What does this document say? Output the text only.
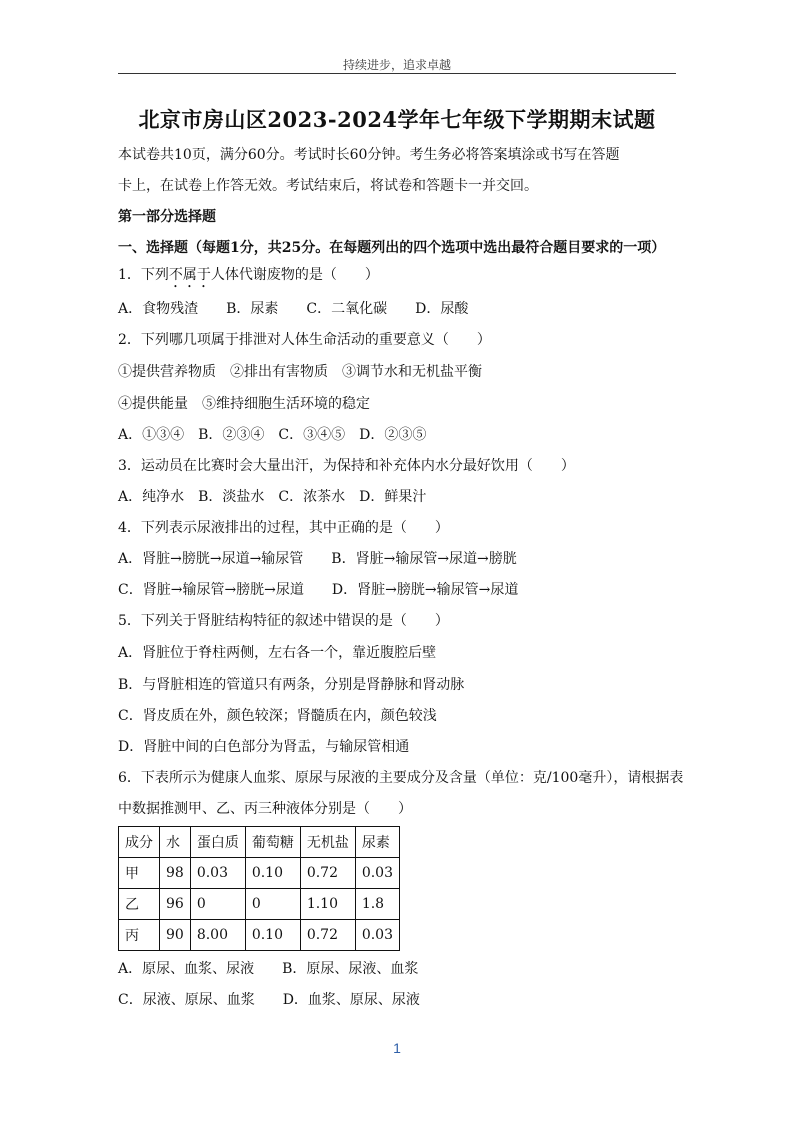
持续进步，追求卓越
北京市房山区2023-2024学年七年级下学期期末试题
本试卷共10页，满分60分。考试时长60分钟。考生务必将答案填涂或书写在答题
卡上，在试卷上作答无效。考试结束后，将试卷和答题卡一并交回。
第一部分选择题
一、选择题（每题1分，共25分。在每题列出的四个选项中选出最符合题目要求的一项）
1．下列不属于人体代谢废物的是（　　）
A．食物残渣　　B．尿素　　C．二氧化碳　　D．尿酸
2．下列哪几项属于排泄对人体生命活动的重要意义（　　）
①提供营养物质　②排出有害物质　③调节水和无机盐平衡
④提供能量　⑤维持细胞生活环境的稳定
A．①③④　B．②③④　C．③④⑤　D．②③⑤
3．运动员在比赛时会大量出汗，为保持和补充体内水分最好饮用（　　）
A．纯净水　B．淡盐水　C．浓茶水　D．鲜果汁
4．下列表示尿液排出的过程，其中正确的是（　　）
A．肾脏→膀胱→尿道→输尿管　　B．肾脏→输尿管→尿道→膀胱
C．肾脏→输尿管→膀胱→尿道　　D．肾脏→膀胱→输尿管→尿道
5．下列关于肾脏结构特征的叙述中错误的是（　　）
A．肾脏位于脊柱两侧，左右各一个，靠近腹腔后壁
B．与肾脏相连的管道只有两条，分别是肾静脉和肾动脉
C．肾皮质在外，颜色较深；肾髓质在内，颜色较浅
D．肾脏中间的白色部分为肾盂，与输尿管相通
6．下表所示为健康人血浆、原尿与尿液的主要成分及含量（单位：克/100毫升），请根据表
中数据推测甲、乙、丙三种液体分别是（　　）
成分	水	蛋白质	葡萄糖	无机盐	尿素
甲	98	0.03	0.10	0.72	0.03
乙	96	0	0	1.10	1.8
丙	90	8.00	0.10	0.72	0.03
A．原尿、血浆、尿液　　B．原尿、尿液、血浆
C．尿液、原尿、血浆　　D．血浆、原尿、尿液
1
